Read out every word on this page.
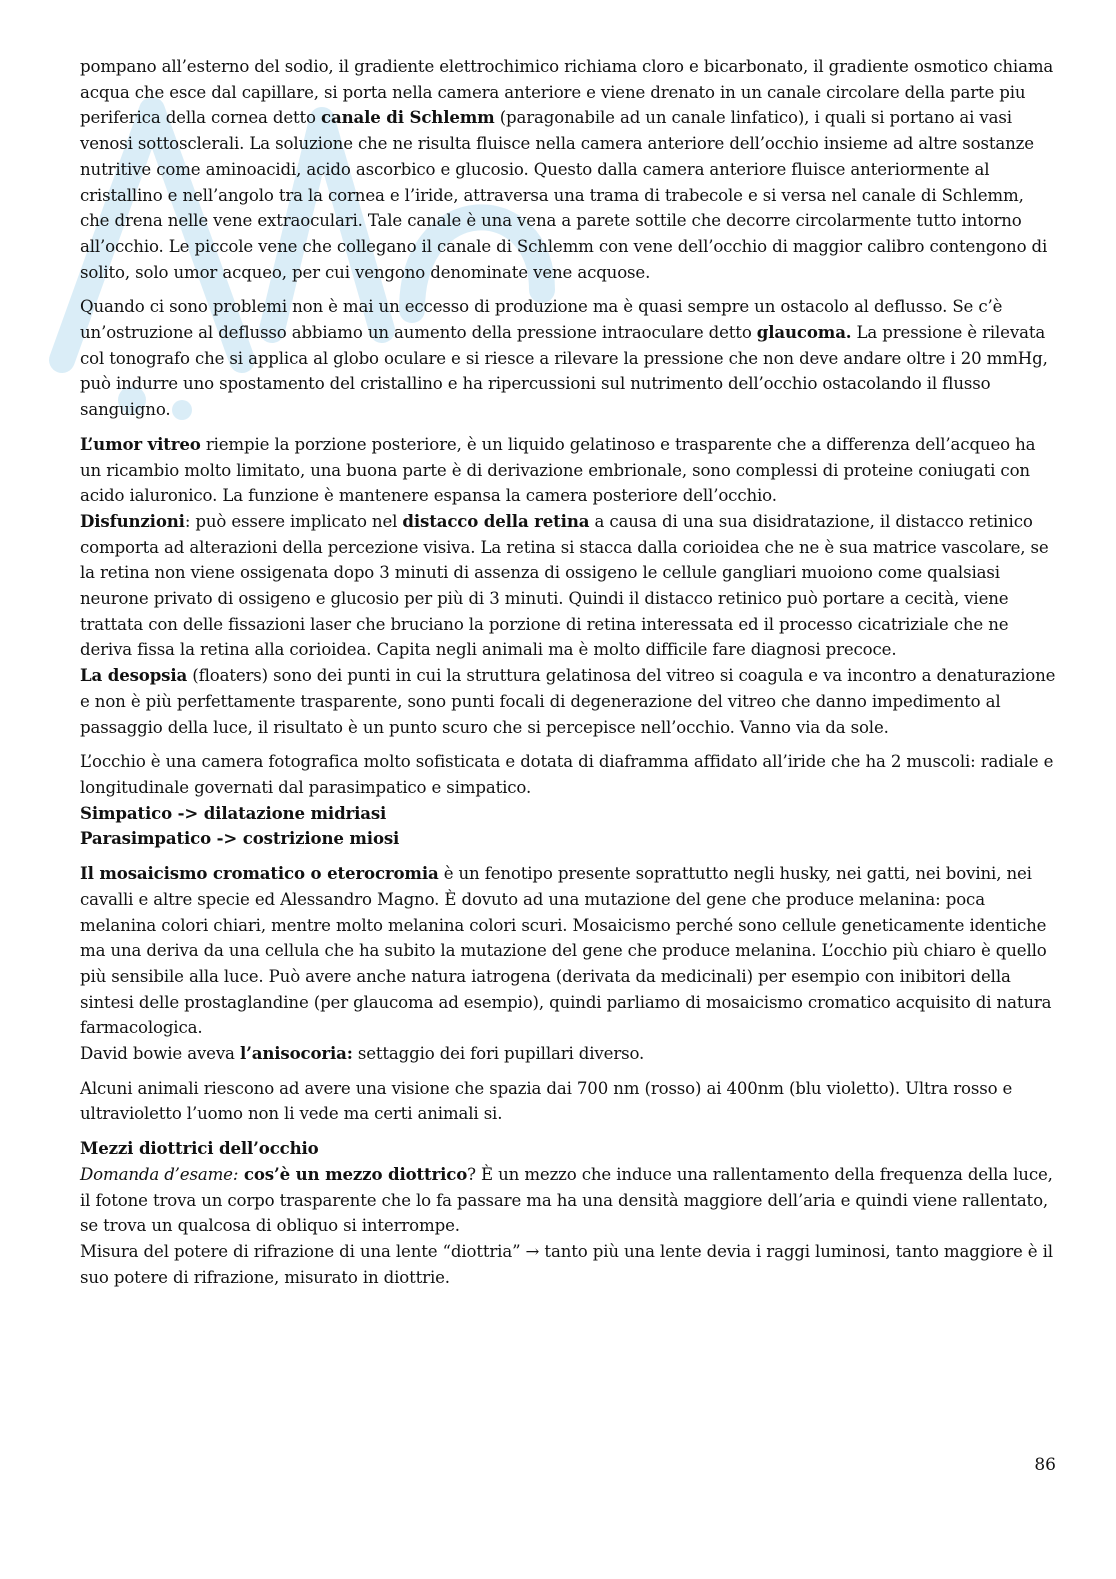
pompano all’esterno del sodio, il gradiente elettrochimico richiama cloro e bicarbonato, il gradiente osmotico chiama acqua che esce dal capillare, si porta nella camera anteriore e viene drenato in un canale circolare della parte piu periferica della cornea detto canale di Schlemm (paragonabile ad un canale linfatico), i quali si portano ai vasi venosi sottosclerali. La soluzione che ne risulta fluisce nella camera anteriore dell’occhio insieme ad altre sostanze nutritive come aminoacidi, acido ascorbico e glucosio. Questo dalla camera anteriore fluisce anteriormente al cristallino e nell’angolo tra la cornea e l’iride, attraversa una trama di trabecole e si versa nel canale di Schlemm, che drena nelle vene extraoculari. Tale canale è una vena a parete sottile che decorre circolarmente tutto intorno all’occhio. Le piccole vene che collegano il canale di Schlemm con vene dell’occhio di maggior calibro contengono di solito, solo umor acqueo, per cui vengono denominate vene acquose.

Quando ci sono problemi non è mai un eccesso di produzione ma è quasi sempre un ostacolo al deflusso. Se c’è un’ostruzione al deflusso abbiamo un aumento della pressione intraoculare detto glaucoma. La pressione è rilevata col tonografo che si applica al globo oculare e si riesce a rilevare la pressione che non deve andare oltre i 20 mmHg, può indurre uno spostamento del cristallino e ha ripercussioni sul nutrimento dell’occhio ostacolando il flusso sanguigno.

L’umor vitreo riempie la porzione posteriore, è un liquido gelatinoso e trasparente che a differenza dell’acqueo ha un ricambio molto limitato, una buona parte è di derivazione embrionale, sono complessi di proteine coniugati con acido ialuronico. La funzione è mantenere espansa la camera posteriore dell’occhio.

Disfunzioni: può essere implicato nel distacco della retina a causa di una sua disidratazione, il distacco retinico comporta ad alterazioni della percezione visiva. La retina si stacca dalla corioidea che ne è sua matrice vascolare, se la retina non viene ossigenata dopo 3 minuti di assenza di ossigeno le cellule gangliari muoiono come qualsiasi neurone privato di ossigeno e glucosio per più di 3 minuti. Quindi il distacco retinico può portare a cecità, viene trattata con delle fissazioni laser che bruciano la porzione di retina interessata ed il processo cicatriziale che ne deriva fissa la retina alla corioidea. Capita negli animali ma è molto difficile fare diagnosi precoce.

La desopsia (floaters) sono dei punti in cui la struttura gelatinosa del vitreo si coagula e va incontro a denaturazione e non è più perfettamente trasparente, sono punti focali di degenerazione del vitreo che danno impedimento al passaggio della luce, il risultato è un punto scuro che si percepisce nell’occhio. Vanno via da sole.

L’occhio è una camera fotografica molto sofisticata e dotata di diaframma affidato all’iride che ha 2 muscoli: radiale e longitudinale governati dal parasimpatico e simpatico.

Simpatico -> dilatazione midriasi

Parasimpatico -> costrizione miosi

Il mosaicismo cromatico o eterocromia è un fenotipo presente soprattutto negli husky, nei gatti, nei bovini, nei cavalli e altre specie ed Alessandro Magno. È dovuto ad una mutazione del gene che produce melanina: poca melanina colori chiari, mentre molto melanina colori scuri. Mosaicismo perché sono cellule geneticamente identiche ma una deriva da una cellula che ha subito la mutazione del gene che produce melanina. L’occhio più chiaro è quello più sensibile alla luce. Può avere anche natura iatrogena (derivata da medicinali) per esempio con inibitori della sintesi delle prostaglandine (per glaucoma ad esempio), quindi parliamo di mosaicismo cromatico acquisito di natura farmacologica.

David bowie aveva l’anisocoria: settaggio dei fori pupillari diverso.

Alcuni animali riescono ad avere una visione che spazia dai 700 nm (rosso) ai 400nm (blu violetto). Ultra rosso e ultravioletto l’uomo non li vede ma certi animali si.

Mezzi diottrici dell’occhio

Domanda d’esame: cos’è un mezzo diottrico? È un mezzo che induce una rallentamento della frequenza della luce, il fotone trova un corpo trasparente che lo fa passare ma ha una densità maggiore dell’aria e quindi viene rallentato, se trova un qualcosa di obliquo si interrompe.

Misura del potere di rifrazione di una lente “diottria” → tanto più una lente devia i raggi luminosi, tanto maggiore è il suo potere di rifrazione, misurato in diottrie.

86
